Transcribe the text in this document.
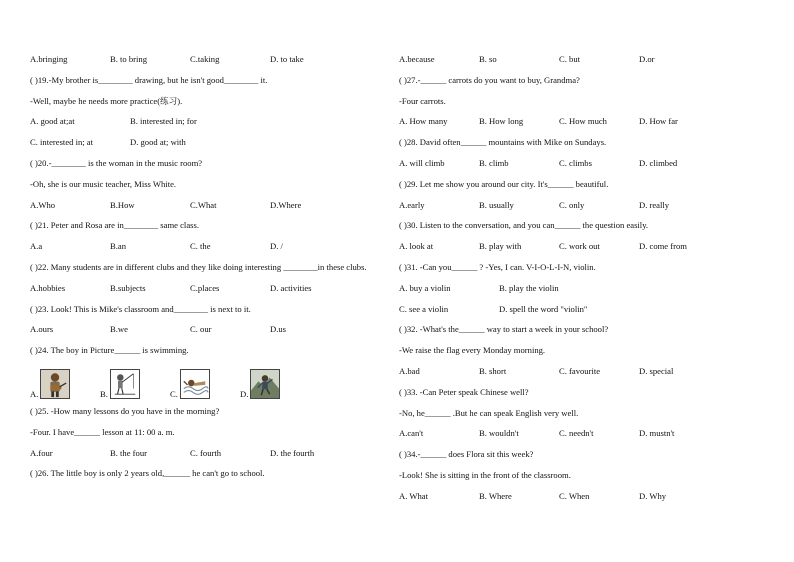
A.bringing	B. to bring	C.taking	D. to take
( )19.-My brother is________ drawing, but he isn't good________ it.
-Well, maybe he needs more practice(练习).
A. good at;at	B. interested in; for
C. interested in; at	D. good at; with
( )20.-________ is the woman in the music room?
-Oh, she is our music teacher, Miss White.
A.Who	B.How	C.What	D.Where
( )21. Peter and Rosa are in________ same class.
A.a	B.an	C. the	D. /
( )22. Many students are in different clubs and they like doing interesting ________in these clubs.
A.hobbies	B.subjects	C.places	D. activities
( )23. Look! This is Mike's classroom and________ is next to it.
A.ours	B.we	C. our	D.us
( )24. The boy in Picture______ is swimming.
A.	B.	C.	D.
( )25. -How many lessons do you have in the morning?
-Four. I have______ lesson at 11: 00 a. m.
A.four	B. the four	C. fourth	D. the fourth
( )26. The little boy is only 2 years old,______ he can't go to school.
A.because	B. so	C. but	D.or
( )27.-______ carrots do you want to buy, Grandma?
-Four carrots.
A. How many	B. How long	C. How much	D. How far
( )28. David often______ mountains with Mike on Sundays.
A. will climb	B. climb	C. climbs	D. climbed
( )29. Let me show you around our city. It's______ beautiful.
A.early	B. usually	C. only	D. really
( )30. Listen to the conversation, and you can______ the question easily.
A. look at	B. play with	C. work out	D. come from
( )31. -Can you______ ? -Yes, I can. V-I-O-L-I-N, violin.
A. buy a violin	B. play the violin
C. see a violin	D. spell the word "violin"
( )32. -What's the______ way to start a week in your school?
-We raise the flag every Monday morning.
A.bad	B. short	C. favourite	D. special
( )33. -Can Peter speak Chinese well?
-No, he______ .But he can speak English very well.
A.can't	B. wouldn't	C. needn't	D. mustn't
( )34.-______ does Flora sit this week?
-Look! She is sitting in the front of the classroom.
A. What	B. Where	C. When	D. Why
